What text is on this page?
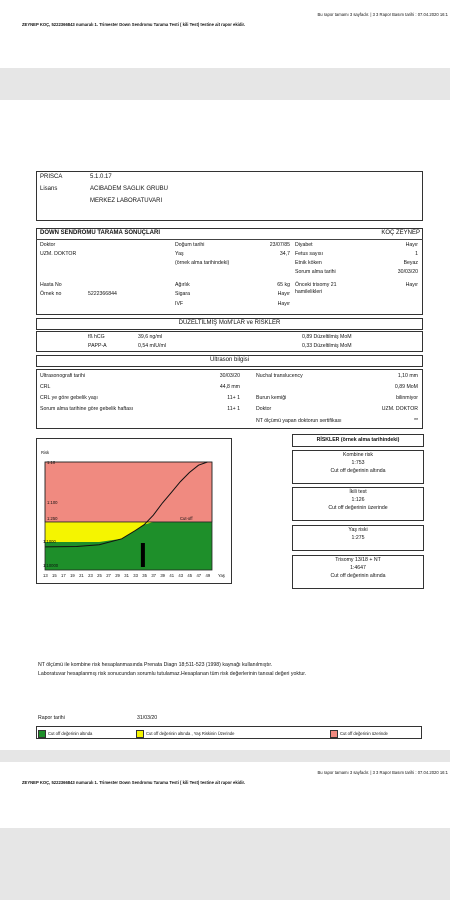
Bu rapor tamamı 3 sayfadır. | 3 3 Rapor Basım tarihi : 07.04.2020 16:1
ZEYNEP KOÇ, 5222366843 numaralı 1. Trimester Down Sendromu Tarama Testi ( kili Test) testine ait rapor ekidir.
PRISCA	5.1.0.17
Lisans	ACIBADEM SAGLIK GRUBU
MERKEZ LABORATUVARI
DOWN SENDROMU TARAMA SONUÇLARI	KOÇ ZEYNEP
Doktor
UZM. DOKTOR
Doğum tarihi	23/07/85
Yaş	34,7
(örnek alma tarihindeki)
Diyabet	Hayır
Fetus sayısı	1
Etnik köken	Beyaz
Sorum alma tarihi	30/03/20
Hasta No
Örnek no	5222366844
Ağırlık	65 kg
Sigara	Hayır
IVF	Hayır
Önceki trisomy 21
hamilelikleri
Hayır
DÜZELTİLMİŞ MoM'LAR ve RİSKLER
fß hCG	39,6 ng/ml	0,89 Düzeltilmiş MoM
PAPP-A	0,54 mIU/ml	0,33 Düzeltilmiş MoM
Ultrason bilgisi
Ultrasonografi tarihi	30/03/20
CRL	44,8 mm
CRL ye göre gebelik yaşı	11+ 1
Sorum alma tarihine göre gebelik haftası	11+ 1
Nuchal translucency	1,10 mm
0,89 MoM
Burun kemiği	bilinmiyor
Doktor	UZM. DOKTOR
NT ölçümü yapan doktorun sertifikası	**
Risk
1:10
1:100
1:250
1:1000
1:10000
Cut-off
13 15 17 19 21 23 25 27 29 31 33 35 37 39 41 43 45 47 49 Yaş
RİSKLER (örnek alma tarihindeki)
Kombine risk
1:753
Cut off değerinin altında
İkili test
1:126
Cut off değerinin üzerinde
Yaş riski
1:275
Trisomy 13/18 + NT
1:4647
Cut off değerinin altında
NT ölçümü ile kombine risk hesaplanmasında Prenata Diagn 18;511-523 (1998) kaynağı kullanılmıştır.
Laboratuvar hesaplanmış risk sonucundan sorumlu tutulamaz.Hesaplanan tüm risk değerlerinin tanısal değeri yoktur.
Rapor tarihi	31/03/20
Cut off değerinin altında	Cut off değerinin altında , Yaş Riskinin Üzerinde	Cut off değerinin üzerinde
Bu rapor tamamı 3 sayfadır. | 3 3 Rapor Basım tarihi : 07.04.2020 16:1
ZEYNEP KOÇ, 5222366843 numaralı 1. Trimester Down Sendromu Tarama Testi ( kili Test) testine ait rapor ekidir.
